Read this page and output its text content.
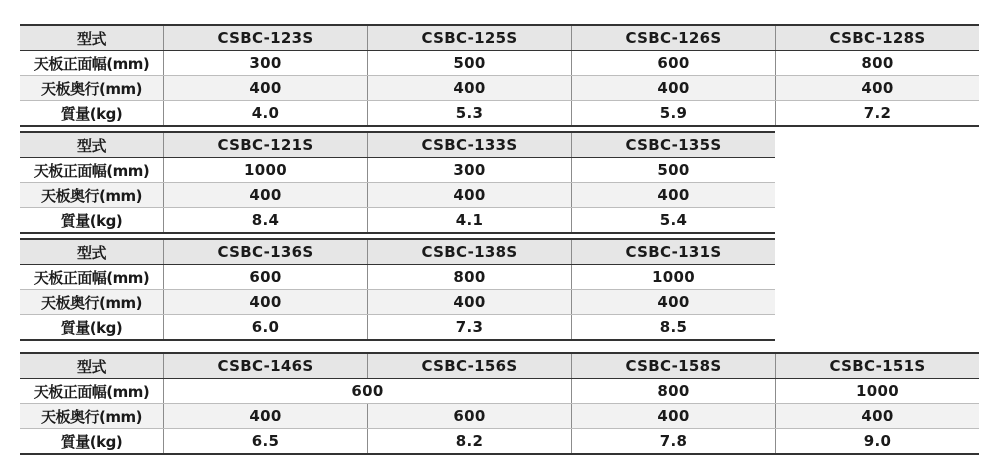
型式	CSBC-123S	CSBC-125S	CSBC-126S	CSBC-128S
天板正面幅(mm)	300	500	600	800
天板奥行(mm)	400	400	400	400
質量(kg)	4.0	5.3	5.9	7.2
型式	CSBC-121S	CSBC-133S	CSBC-135S
天板正面幅(mm)	1000	300	500
天板奥行(mm)	400	400	400
質量(kg)	8.4	4.1	5.4
型式	CSBC-136S	CSBC-138S	CSBC-131S
天板正面幅(mm)	600	800	1000
天板奥行(mm)	400	400	400
質量(kg)	6.0	7.3	8.5
型式	CSBC-146S	CSBC-156S	CSBC-158S	CSBC-151S
天板正面幅(mm)	600		800	1000
天板奥行(mm)	400	600	400	400
質量(kg)	6.5	8.2	7.8	9.0
